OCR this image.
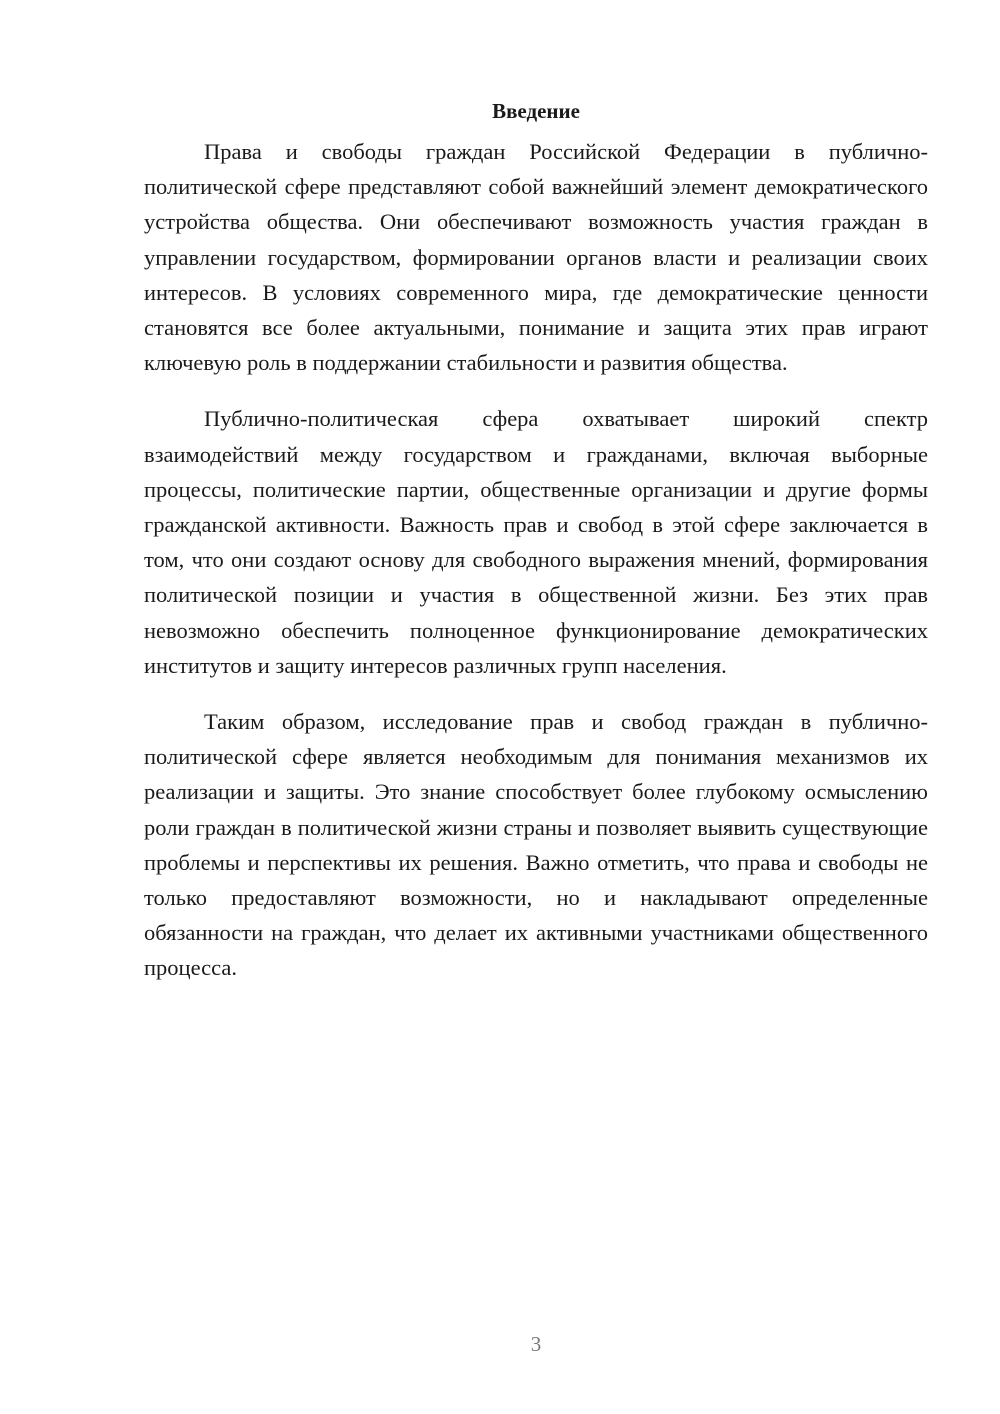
Введение

Права и свободы граждан Российской Федерации в публично-политической сфере представляют собой важнейший элемент демократического устройства общества. Они обеспечивают возможность участия граждан в управлении государством, формировании органов власти и реализации своих интересов. В условиях современного мира, где демократические ценности становятся все более актуальными, понимание и защита этих прав играют ключевую роль в поддержании стабильности и развития общества.

Публично-политическая сфера охватывает широкий спектр взаимодействий между государством и гражданами, включая выборные процессы, политические партии, общественные организации и другие формы гражданской активности. Важность прав и свобод в этой сфере заключается в том, что они создают основу для свободного выражения мнений, формирования политической позиции и участия в общественной жизни. Без этих прав невозможно обеспечить полноценное функционирование демократических институтов и защиту интересов различных групп населения.

Таким образом, исследование прав и свобод граждан в публично-политической сфере является необходимым для понимания механизмов их реализации и защиты. Это знание способствует более глубокому осмыслению роли граждан в политической жизни страны и позволяет выявить существующие проблемы и перспективы их решения. Важно отметить, что права и свободы не только предоставляют возможности, но и накладывают определенные обязанности на граждан, что делает их активными участниками общественного процесса.

3
